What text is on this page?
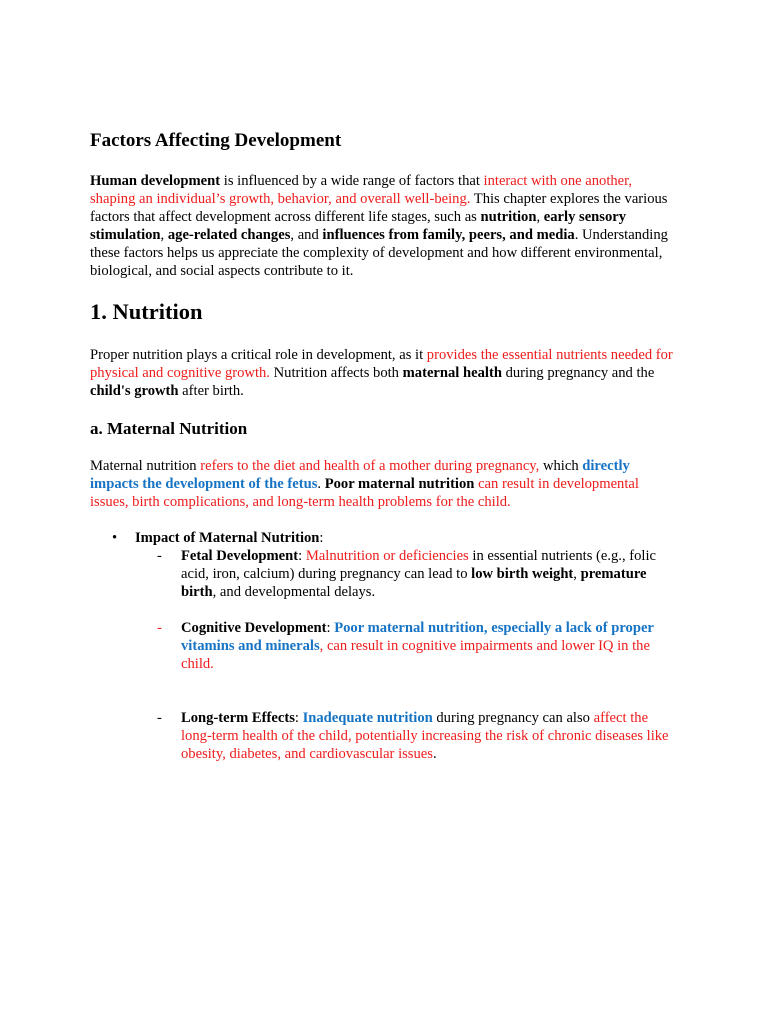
Factors Affecting Development

Human development is influenced by a wide range of factors that interact with one another, shaping an individual’s growth, behavior, and overall well-being. This chapter explores the various factors that affect development across different life stages, such as nutrition, early sensory stimulation, age-related changes, and influences from family, peers, and media. Understanding these factors helps us appreciate the complexity of development and how different environmental, biological, and social aspects contribute to it.

1. Nutrition

Proper nutrition plays a critical role in development, as it provides the essential nutrients needed for physical and cognitive growth. Nutrition affects both maternal health during pregnancy and the child's growth after birth.

a. Maternal Nutrition

Maternal nutrition refers to the diet and health of a mother during pregnancy, which directly impacts the development of the fetus. Poor maternal nutrition can result in developmental issues, birth complications, and long-term health problems for the child.

• Impact of Maternal Nutrition:
- Fetal Development: Malnutrition or deficiencies in essential nutrients (e.g., folic acid, iron, calcium) during pregnancy can lead to low birth weight, premature birth, and developmental delays.
- Cognitive Development: Poor maternal nutrition, especially a lack of proper vitamins and minerals, can result in cognitive impairments and lower IQ in the child.
- Long-term Effects: Inadequate nutrition during pregnancy can also affect the long-term health of the child, potentially increasing the risk of chronic diseases like obesity, diabetes, and cardiovascular issues.
